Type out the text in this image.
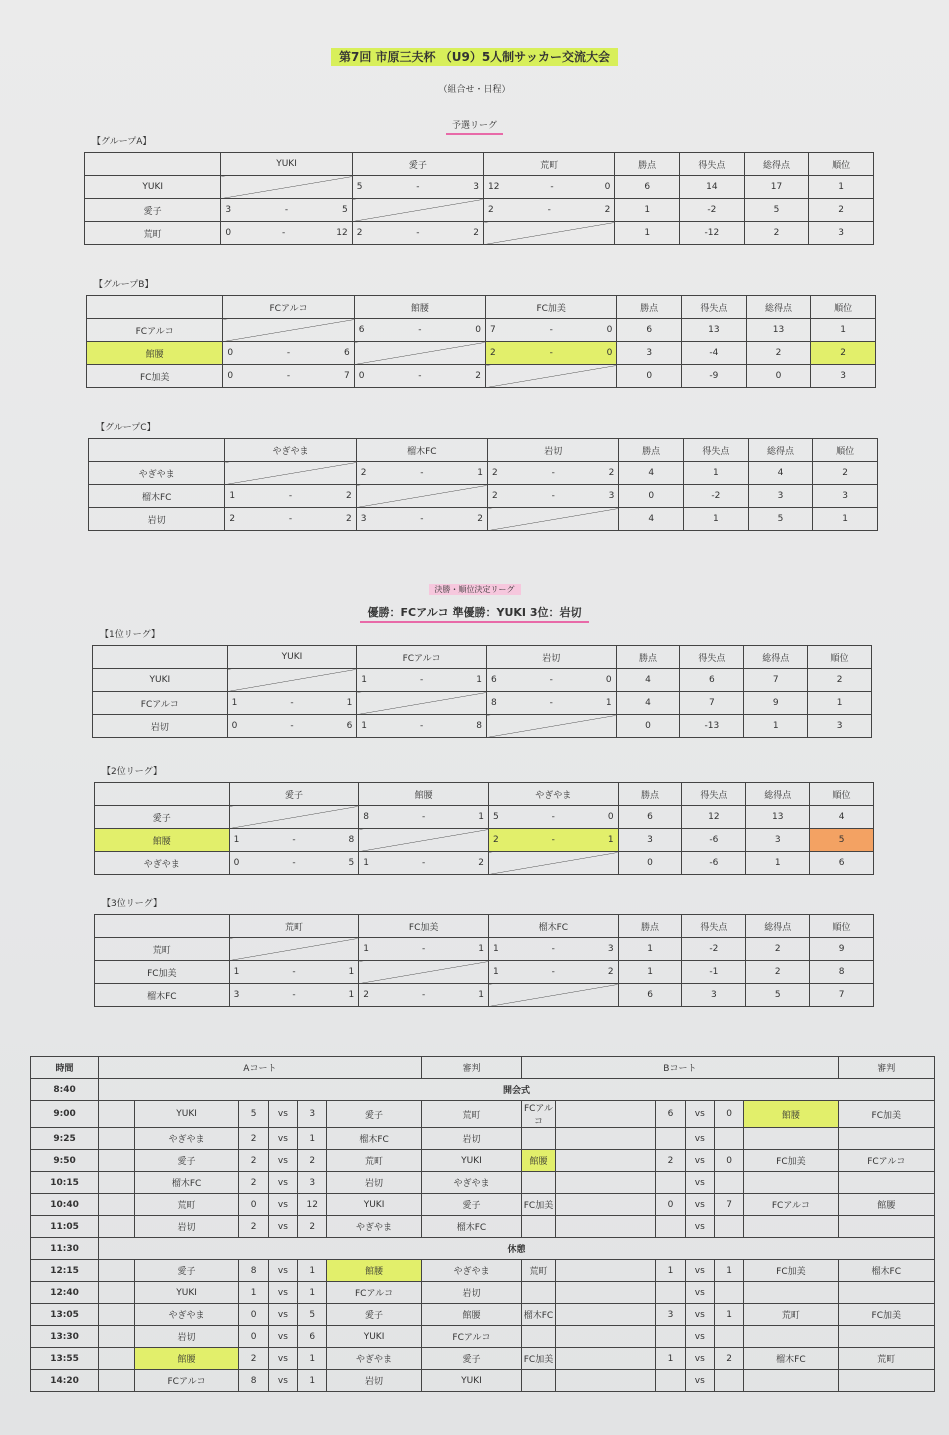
第7回 市原三夫杯 （U9）5人制サッカー交流大会
（組合せ・日程）
予選リーグ
【グループA】
	YUKI	愛子	荒町	勝点	得失点	総得点	順位
YUKI		5 - 3	12 - 0	6	14	17	1
愛子	3 - 5		2 - 2	1	-2	5	2
荒町	0 - 12	2 - 2		1	-12	2	3
【グループB】
	FCアルコ	館腰	FC加美	勝点	得失点	総得点	順位
FCアルコ		6 - 0	7 - 0	6	13	13	1
館腰	0 - 6		2 - 0	3	-4	2	2
FC加美	0 - 7	0 - 2		0	-9	0	3
【グループC】
	やぎやま	榴木FC	岩切	勝点	得失点	総得点	順位
やぎやま		2 - 1	2 - 2	4	1	4	2
榴木FC	1 - 2		2 - 3	0	-2	3	3
岩切	2 - 2	3 - 2		4	1	5	1
決勝・順位決定リーグ
優勝：FCアルコ 準優勝：YUKI 3位：岩切
【1位リーグ】
	YUKI	FCアルコ	岩切	勝点	得失点	総得点	順位
YUKI		1 - 1	6 - 0	4	6	7	2
FCアルコ	1 - 1		8 - 1	4	7	9	1
岩切	0 - 6	1 - 8		0	-13	1	3
【2位リーグ】
	愛子	館腰	やぎやま	勝点	得失点	総得点	順位
愛子		8 - 1	5 - 0	6	12	13	4
館腰	1 - 8		2 - 1	3	-6	3	5
やぎやま	0 - 5	1 - 2		0	-6	1	6
【3位リーグ】
	荒町	FC加美	榴木FC	勝点	得失点	総得点	順位
荒町		1 - 1	1 - 3	1	-2	2	9
FC加美	1 - 1		1 - 2	1	-1	2	8
榴木FC	3 - 1	2 - 1		6	3	5	7
時間	Aコート						審判	Bコート						審判
8:40	開会式													
9:00		YUKI	5	vs	3	愛子	荒町	FCアルコ		6	vs	0	館腰	FC加美
9:25		やぎやま	2	vs	1	榴木FC	岩切				vs			
9:50		愛子	2	vs	2	荒町	YUKI	館腰		2	vs	0	FC加美	FCアルコ
10:15		榴木FC	2	vs	3	岩切	やぎやま				vs			
10:40		荒町	0	vs	12	YUKI	愛子	FC加美		0	vs	7	FCアルコ	館腰
11:05		岩切	2	vs	2	やぎやま	榴木FC				vs			
11:30	休憩													
12:15		愛子	8	vs	1	館腰	やぎやま	荒町		1	vs	1	FC加美	榴木FC
12:40		YUKI	1	vs	1	FCアルコ	岩切				vs			
13:05		やぎやま	0	vs	5	愛子	館腰	榴木FC		3	vs	1	荒町	FC加美
13:30		岩切	0	vs	6	YUKI	FCアルコ				vs			
13:55		館腰	2	vs	1	やぎやま	愛子	FC加美		1	vs	2	榴木FC	荒町
14:20		FCアルコ	8	vs	1	岩切	YUKI				vs			
